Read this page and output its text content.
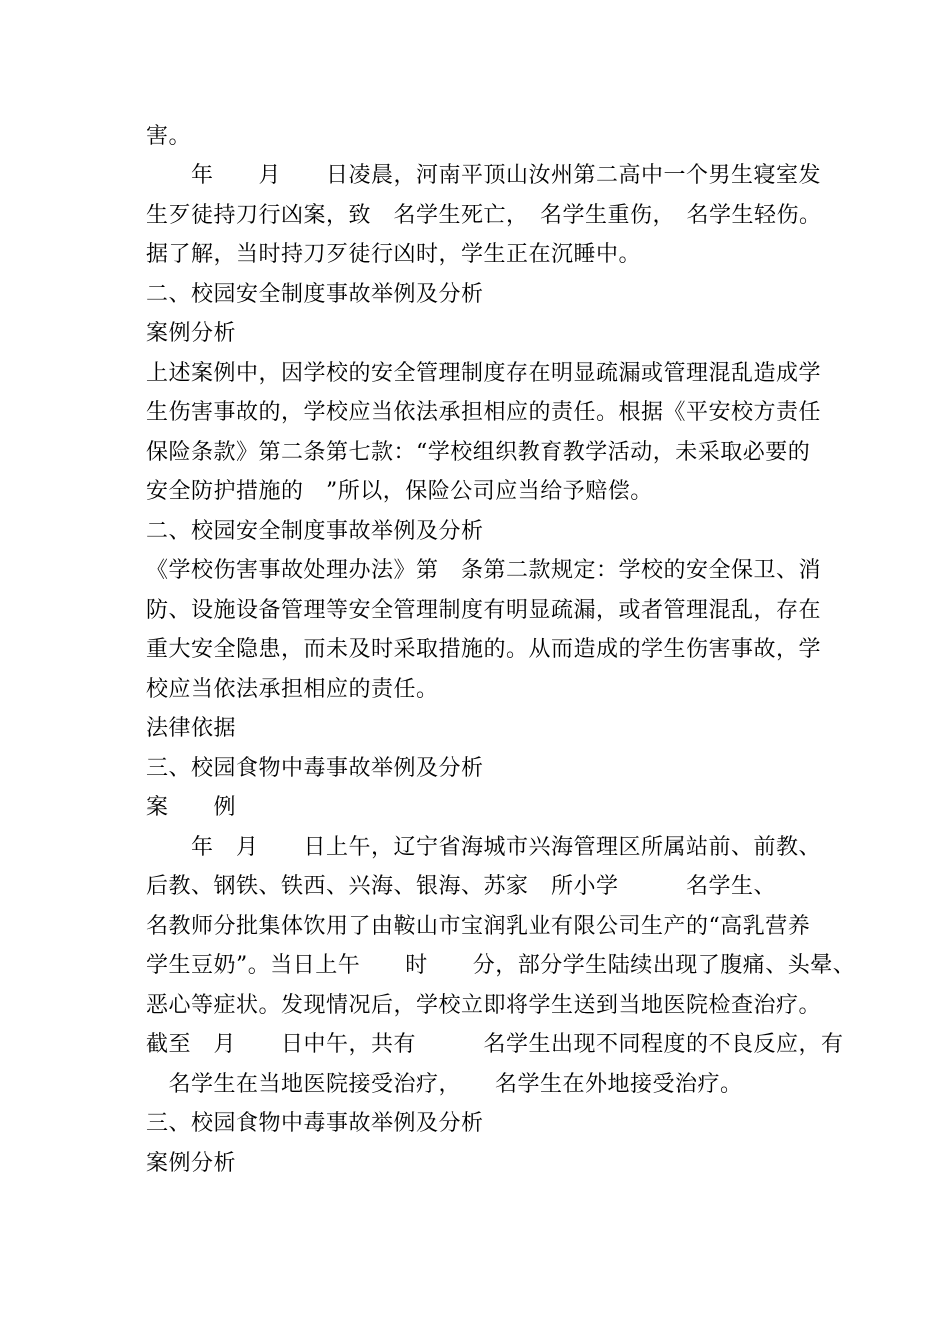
害。
　　年　　月　　日凌晨，河南平顶山汝州第二高中一个男生寝室发
生歹徒持刀行凶案，致　名学生死亡，　名学生重伤，　名学生轻伤。
据了解，当时持刀歹徒行凶时，学生正在沉睡中。
二、校园安全制度事故举例及分析
案例分析
上述案例中，因学校的安全管理制度存在明显疏漏或管理混乱造成学
生伤害事故的，学校应当依法承担相应的责任。根据《平安校方责任
保险条款》第二条第七款：“学校组织教育教学活动，未采取必要的
安全防护措施的　”所以，保险公司应当给予赔偿。
二、校园安全制度事故举例及分析
《学校伤害事故处理办法》第　条第二款规定：学校的安全保卫、消
防、设施设备管理等安全管理制度有明显疏漏，或者管理混乱，存在
重大安全隐患，而未及时采取措施的。从而造成的学生伤害事故，学
校应当依法承担相应的责任。
法律依据
三、校园食物中毒事故举例及分析
案　　例
　　年　月　　日上午，辽宁省海城市兴海管理区所属站前、前教、
后教、钢铁、铁西、兴海、银海、苏家　所小学　　　名学生、
名教师分批集体饮用了由鞍山市宝润乳业有限公司生产的“高乳营养
学生豆奶”。当日上午　　时　　分，部分学生陆续出现了腹痛、头晕、
恶心等症状。发现情况后，学校立即将学生送到当地医院检查治疗。
截至　月　　日中午，共有　　　名学生出现不同程度的不良反应，有
　名学生在当地医院接受治疗，　　名学生在外地接受治疗。
三、校园食物中毒事故举例及分析
案例分析
